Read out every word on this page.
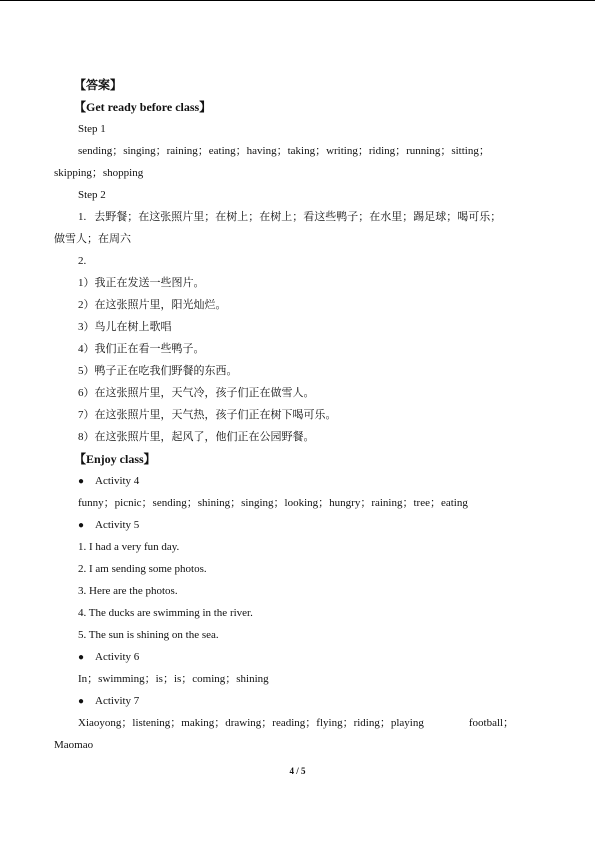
【答案】
【Get ready before class】
Step 1
sending；singing；raining；eating；having；taking；writing；riding；running；sitting；
skipping；shopping
Step 2
1. 去野餐；在这张照片里；在树上；在树上；看这些鸭子；在水里；踢足球；喝可乐；
做雪人；在周六
2.
1）我正在发送一些图片。
2）在这张照片里，阳光灿烂。
3）鸟儿在树上歌唱
4）我们正在看一些鸭子。
5）鸭子正在吃我们野餐的东西。
6）在这张照片里，天气冷，孩子们正在做雪人。
7）在这张照片里，天气热，孩子们正在树下喝可乐。
8）在这张照片里，起风了，他们正在公园野餐。
【Enjoy class】
● Activity 4
funny；picnic；sending；shining；singing；looking；hungry；raining；tree；eating
● Activity 5
1. I had a very fun day.
2. I am sending some photos.
3. Here are the photos.
4. The ducks are swimming in the river.
5. The sun is shining on the sea.
● Activity 6
In；swimming；is；is；coming；shining
● Activity 7
Xiaoyong；listening；making；drawing；reading；flying；riding；playing	football；
Maomao
4 / 5
